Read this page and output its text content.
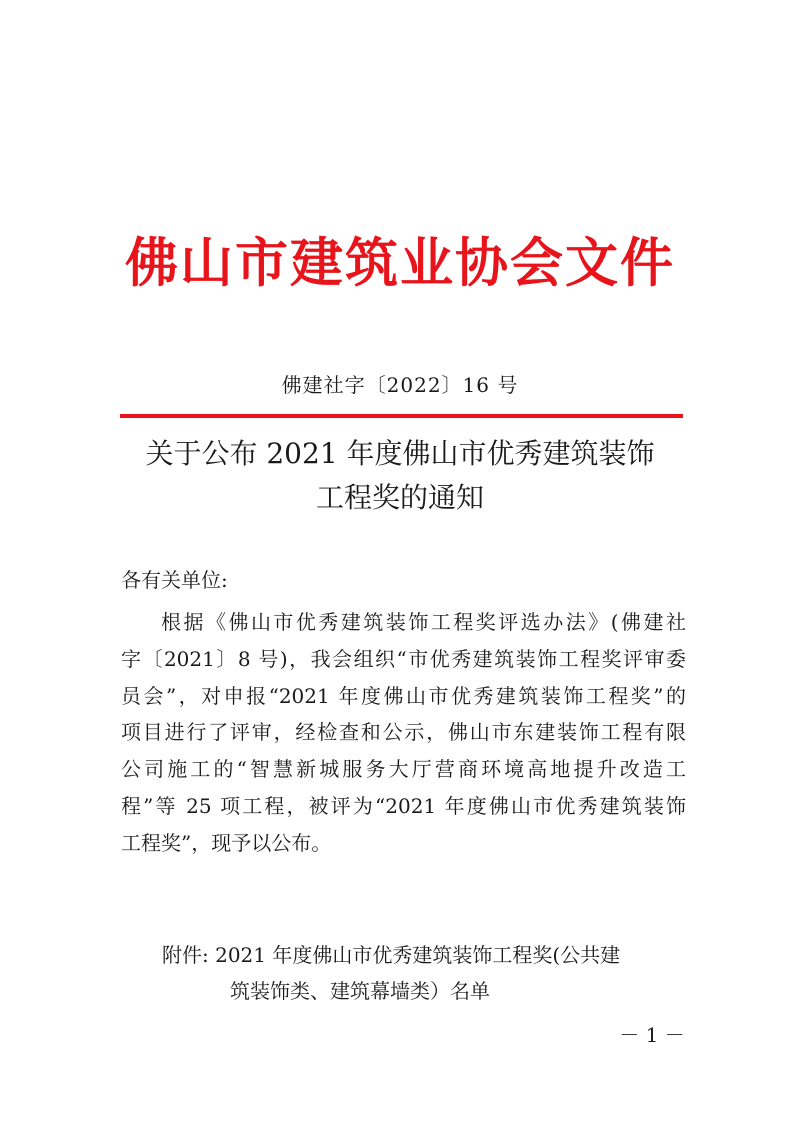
佛山市建筑业协会文件
佛建社字〔2022〕16 号
关于公布 2021 年度佛山市优秀建筑装饰
工程奖的通知
各有关单位:
根据《佛山市优秀建筑装饰工程奖评选办法》(佛建社
字〔2021〕8 号)，我会组织“市优秀建筑装饰工程奖评审委
员会”，对申报“2021 年度佛山市优秀建筑装饰工程奖”的
项目进行了评审，经检查和公示，佛山市东建装饰工程有限
公司施工的“智慧新城服务大厅营商环境高地提升改造工
程”等 25 项工程，被评为“2021 年度佛山市优秀建筑装饰
工程奖”，现予以公布。
附件: 2021 年度佛山市优秀建筑装饰工程奖(公共建
筑装饰类、建筑幕墙类）名单
－ 1 －
